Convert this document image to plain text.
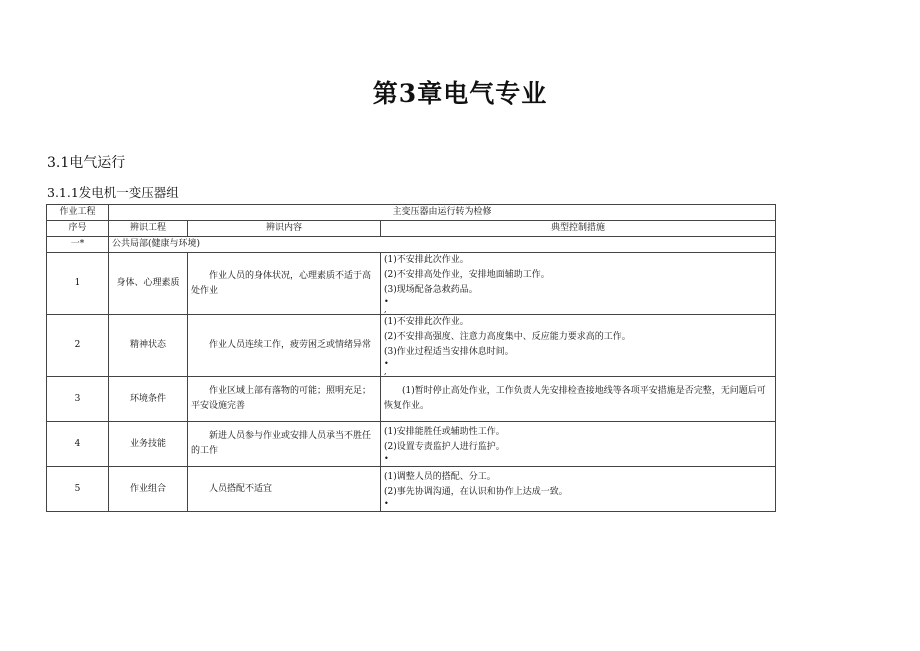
第3章电气专业
3.1电气运行
3.1.1发电机一变压器组
作业工程	主变压器由运行转为检修		
序号	辨识工程	辨识内容	典型控制措施
一*	公共局部(健康与环境)		
1	身体、心理素质	作业人员的身体状况，心理素质不适于高处作业	(1)不安排此次作业。
(2)不安排高处作业，安排地面辅助工作。
(3)现场配备急救药品。
•
,

2	精神状态	作业人员连续工作，疲劳困乏或情绪异常	(1)不安排此次作业。
(2)不安排高强度、注意力高度集中、反应能力要求高的工作。
(3)作业过程适当安排休息时间。
•
,

3	环境条件	作业区域上部有落物的可能；照明充足；平安设施完善	(1)暂时停止高处作业，工作负责人先安排检查接地线等各项平安措施是否完整，无问题后可恢复作业。
4	业务技能	新进人员参与作业或安排人员承当不胜任的工作	(1)安排能胜任或辅助性工作。
(2)设置专责监护人进行监护。
•

5	作业组合	人员搭配不适宜	(1)调整人员的搭配、分工。
(2)事先协调沟通，在认识和协作上达成一致。
•
